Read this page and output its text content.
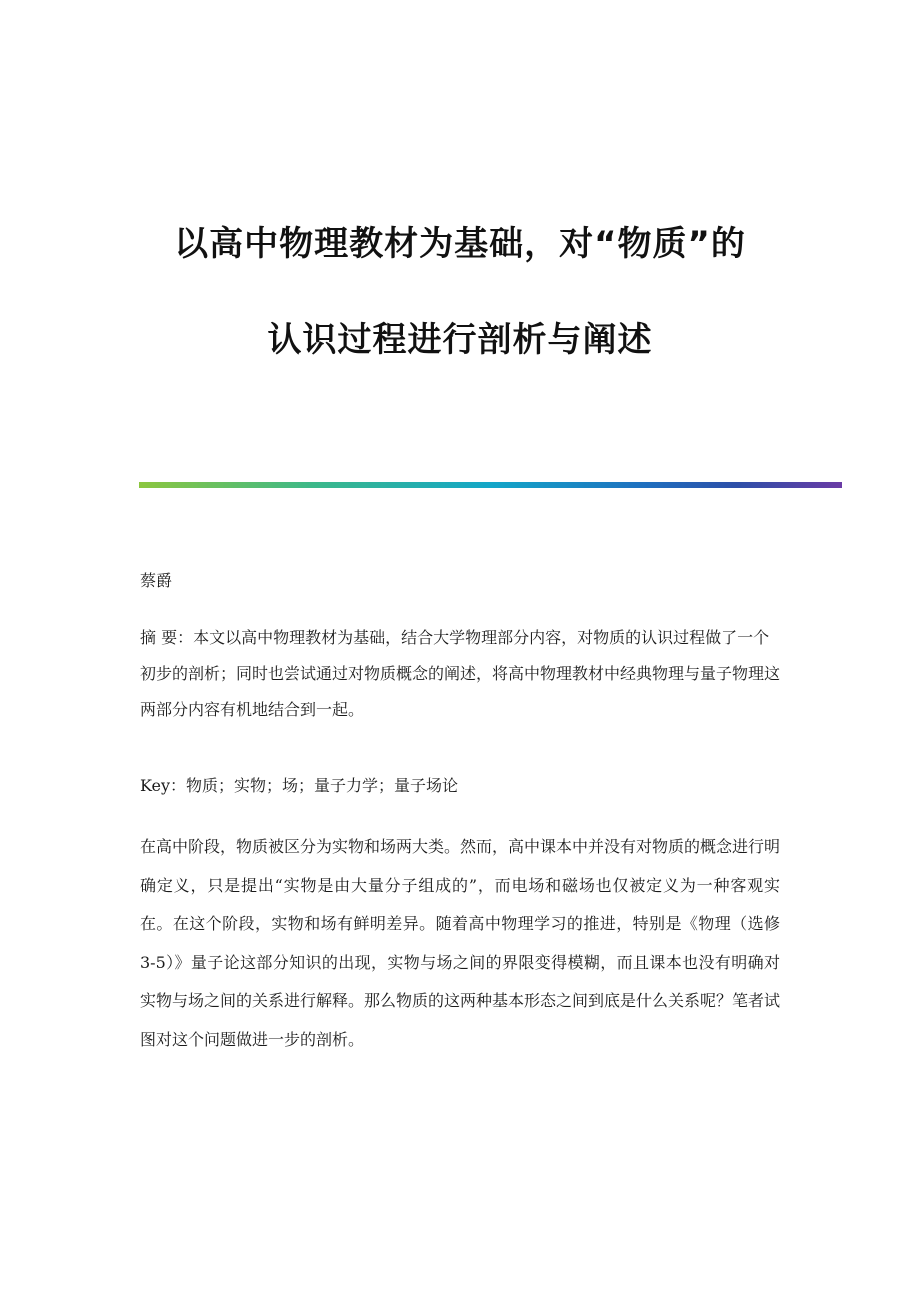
以高中物理教材为基础，对“物质”的
认识过程进行剖析与阐述
蔡爵
摘 要：本文以高中物理教材为基础，结合大学物理部分内容，对物质的认识过程做了一个初步的剖析；同时也尝试通过对物质概念的阐述，将高中物理教材中经典物理与量子物理这两部分内容有机地结合到一起。
Key：物质；实物；场；量子力学；量子场论
在高中阶段，物质被区分为实物和场两大类。然而，高中课本中并没有对物质的概念进行明确定义，只是提出“实物是由大量分子组成的”，而电场和磁场也仅被定义为一种客观实在。在这个阶段，实物和场有鲜明差异。随着高中物理学习的推进，特别是《物理（选修 3-5）》量子论这部分知识的出现，实物与场之间的界限变得模糊，而且课本也没有明确对实物与场之间的关系进行解释。那么物质的这两种基本形态之间到底是什么关系呢？笔者试图对这个问题做进一步的剖析。
